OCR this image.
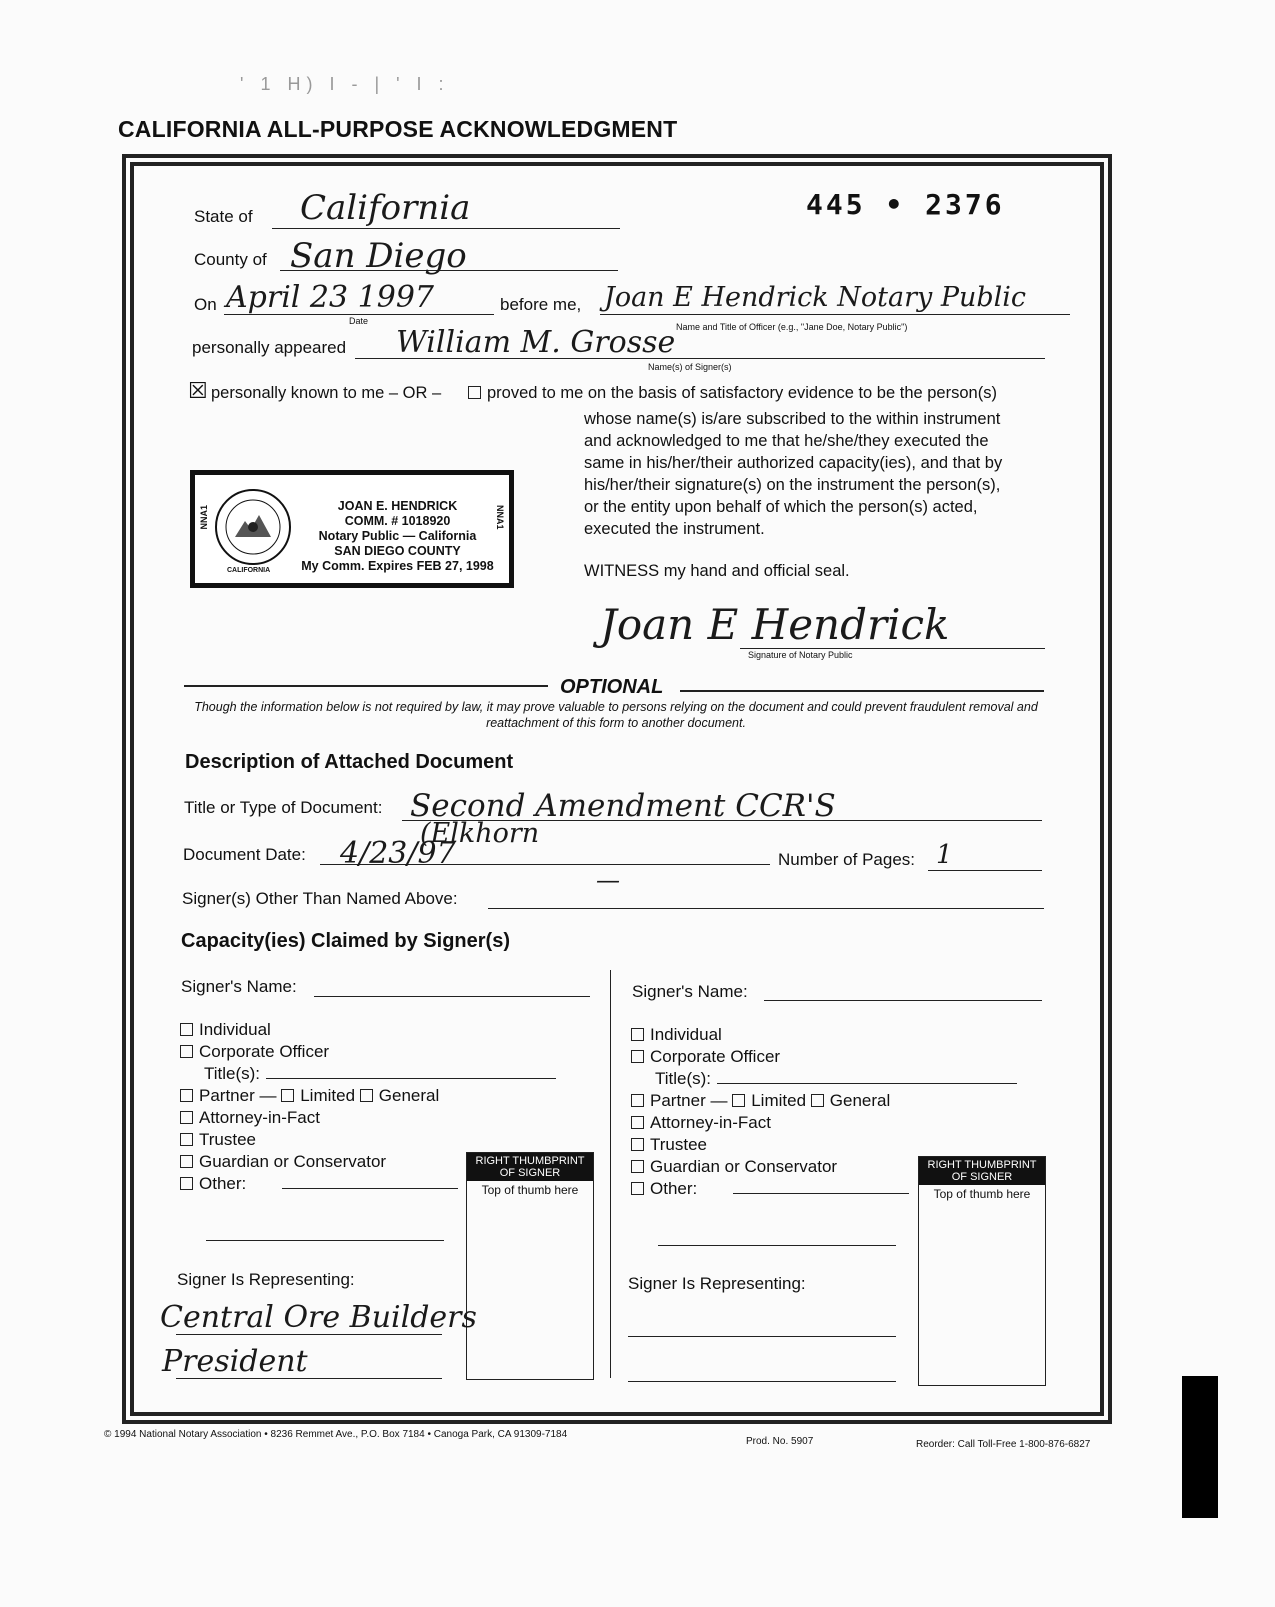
' 1 H) I - | ' I :
CALIFORNIA ALL-PURPOSE ACKNOWLEDGMENT
445 • 2376
State of California
County of San Diego
On April 23 1997
Date
before me, Joan E Hendrick Notary Public
Name and Title of Officer (e.g., "Jane Doe, Notary Public")
personally appeared William M. Grosse
Name(s) of Signer(s)
☒ personally known to me – OR –	proved to me on the basis of satisfactory evidence to be the person(s)
whose name(s) is/are subscribed to the within instrument
and acknowledged to me that he/she/they executed the
same in his/her/their authorized capacity(ies), and that by
his/her/their signature(s) on the instrument the person(s),
or the entity upon behalf of which the person(s) acted,
executed the instrument.
NNA1	NNA1
JOAN E. HENDRICK
COMM. # 1018920
Notary Public — California
SAN DIEGO COUNTY
My Comm. Expires FEB 27, 1998
CALIFORNIA	WITNESS my hand and official seal.
Joan E Hendrick
Signature of Notary Public
OPTIONAL
Though the information below is not required by law, it may prove valuable to persons relying on the document and could prevent fraudulent removal and reattachment of this form to another document.
Description of Attached Document
Title or Type of Document: Second Amendment CCR'S
(Elkhorn
Document Date: 4/23/97	Number of Pages: 1
Signer(s) Other Than Named Above:
—
Capacity(ies) Claimed by Signer(s)
Signer's Name:
Individual
Corporate Officer
Title(s):
Partner — Limited General
Attorney-in-Fact
Trustee
Guardian or Conservator
Other:
RIGHT THUMBPRINT OF SIGNER
Top of thumb here
Signer Is Representing:
Central Ore Builders
President
Signer's Name:
Individual
Corporate Officer
Title(s):
Partner — Limited General
Attorney-in-Fact
Trustee
Guardian or Conservator
Other:
RIGHT THUMBPRINT OF SIGNER
Top of thumb here
Signer Is Representing:
© 1994 National Notary Association • 8236 Remmet Ave., P.O. Box 7184 • Canoga Park, CA 91309-7184
Prod. No. 5907	Reorder: Call Toll-Free 1-800-876-6827
